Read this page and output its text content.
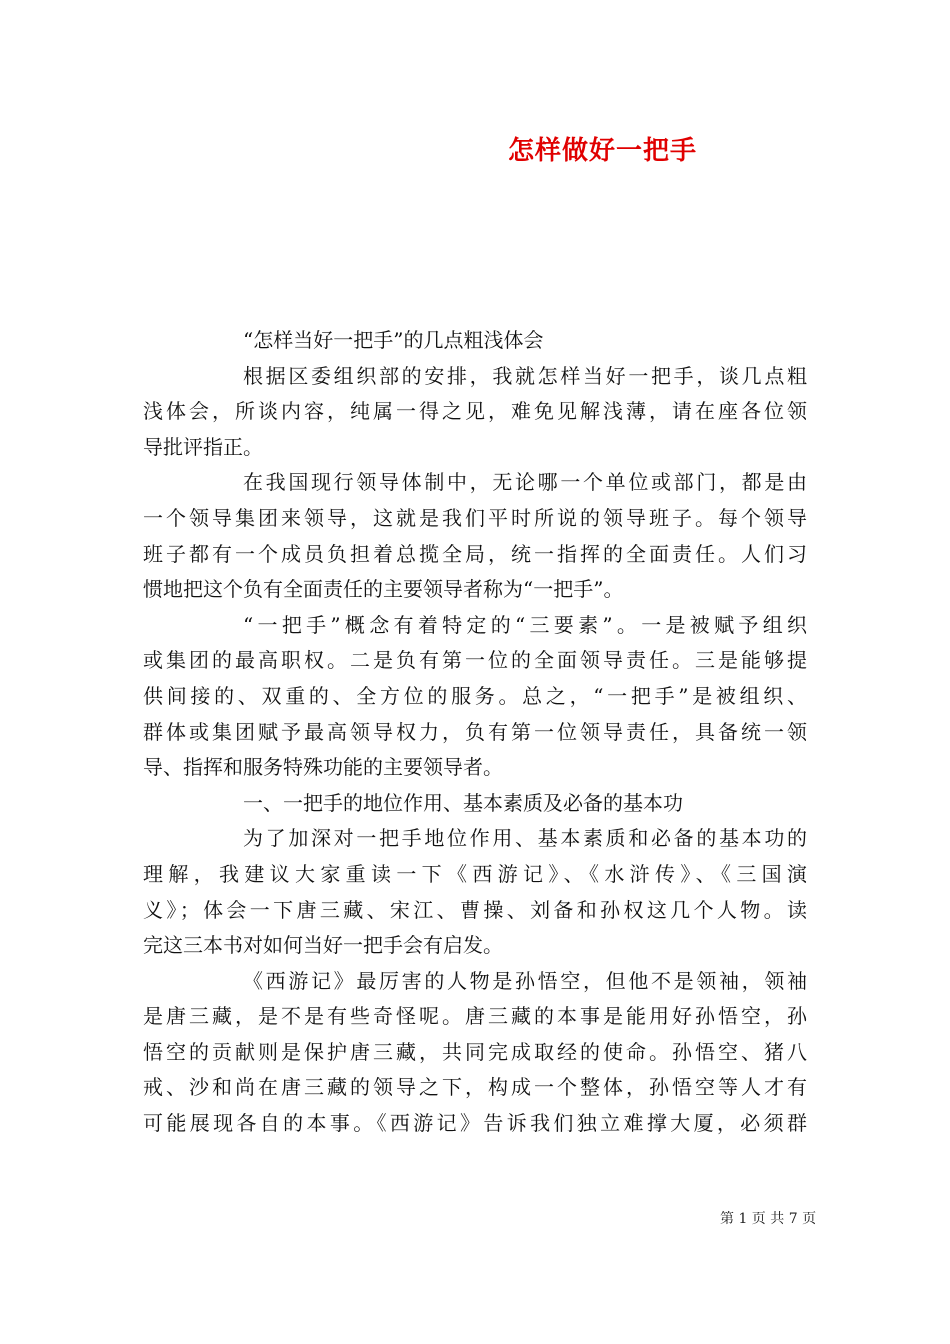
怎样做好一把手
“怎样当好一把手”的几点粗浅体会
根据区委组织部的安排，我就怎样当好一把手，谈几点粗
浅体会，所谈内容，纯属一得之见，难免见解浅薄，请在座各位领
导批评指正。
在我国现行领导体制中，无论哪一个单位或部门，都是由
一个领导集团来领导，这就是我们平时所说的领导班子。每个领导
班子都有一个成员负担着总揽全局，统一指挥的全面责任。人们习
惯地把这个负有全面责任的主要领导者称为“一把手”。
“一把手”概念有着特定的“三要素”。一是被赋予组织
或集团的最高职权。二是负有第一位的全面领导责任。三是能够提
供间接的、双重的、全方位的服务。总之，“一把手”是被组织、
群体或集团赋予最高领导权力，负有第一位领导责任，具备统一领
导、指挥和服务特殊功能的主要领导者。
一、一把手的地位作用、基本素质及必备的基本功
为了加深对一把手地位作用、基本素质和必备的基本功的
理解，我建议大家重读一下《西游记》、《水浒传》、《三国演
义》；体会一下唐三藏、宋江、曹操、刘备和孙权这几个人物。读
完这三本书对如何当好一把手会有启发。
《西游记》最厉害的人物是孙悟空，但他不是领袖，领袖
是唐三藏，是不是有些奇怪呢。唐三藏的本事是能用好孙悟空，孙
悟空的贡献则是保护唐三藏，共同完成取经的使命。孙悟空、猪八
戒、沙和尚在唐三藏的领导之下，构成一个整体，孙悟空等人才有
可能展现各自的本事。《西游记》告诉我们独立难撑大厦，必须群
第 1 页 共 7 页
